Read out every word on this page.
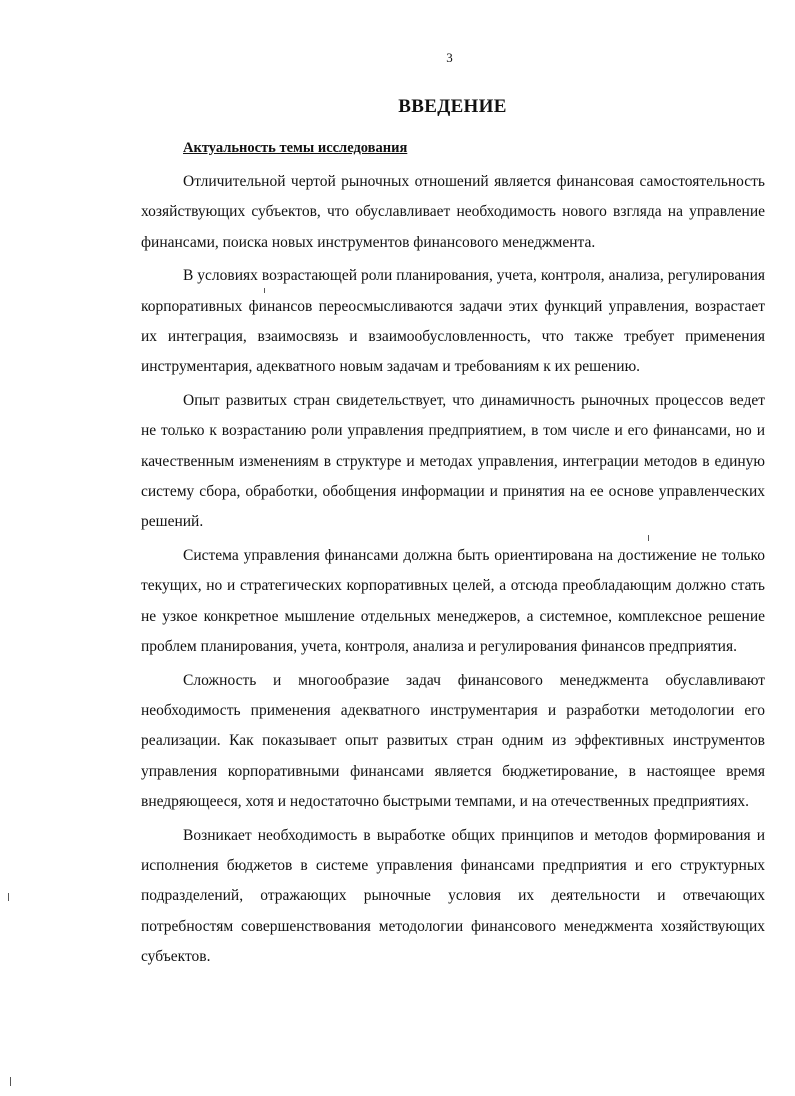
3
ВВЕДЕНИЕ
Актуальность темы исследования

Отличительной чертой рыночных отношений является финансовая самостоятельность хозяйствующих субъектов, что обуславливает необходимость нового взгляда на управление финансами, поиска новых инструментов финансового менеджмента.

В условиях возрастающей роли планирования, учета, контроля, анализа, регулирования корпоративных финансов переосмысливаются задачи этих функций управления, возрастает их интеграция, взаимосвязь и взаимообусловленность, что также требует применения инструментария, адекватного новым задачам и требованиям к их решению.

Опыт развитых стран свидетельствует, что динамичность рыночных процессов ведет не только к возрастанию роли управления предприятием, в том числе и его финансами, но и качественным изменениям в структуре и методах управления, интеграции методов в единую систему сбора, обработки, обобщения информации и принятия на ее основе управленческих решений.

Система управления финансами должна быть ориентирована на достижение не только текущих, но и стратегических корпоративных целей, а отсюда преобладающим должно стать не узкое конкретное мышление отдельных менеджеров, а системное, комплексное решение проблем планирования, учета, контроля, анализа и регулирования финансов предприятия.

Сложность и многообразие задач финансового менеджмента обуславливают необходимость применения адекватного инструментария и разработки методологии его реализации. Как показывает опыт развитых стран одним из эффективных инструментов управления корпоративными финансами является бюджетирование, в настоящее время внедряющееся, хотя и недостаточно быстрыми темпами, и на отечественных предприятиях.

Возникает необходимость в выработке общих принципов и методов формирования и исполнения бюджетов в системе управления финансами предприятия и его структурных подразделений, отражающих рыночные условия их деятельности и отвечающих потребностям совершенствования методологии финансового менеджмента хозяйствующих субъектов.
